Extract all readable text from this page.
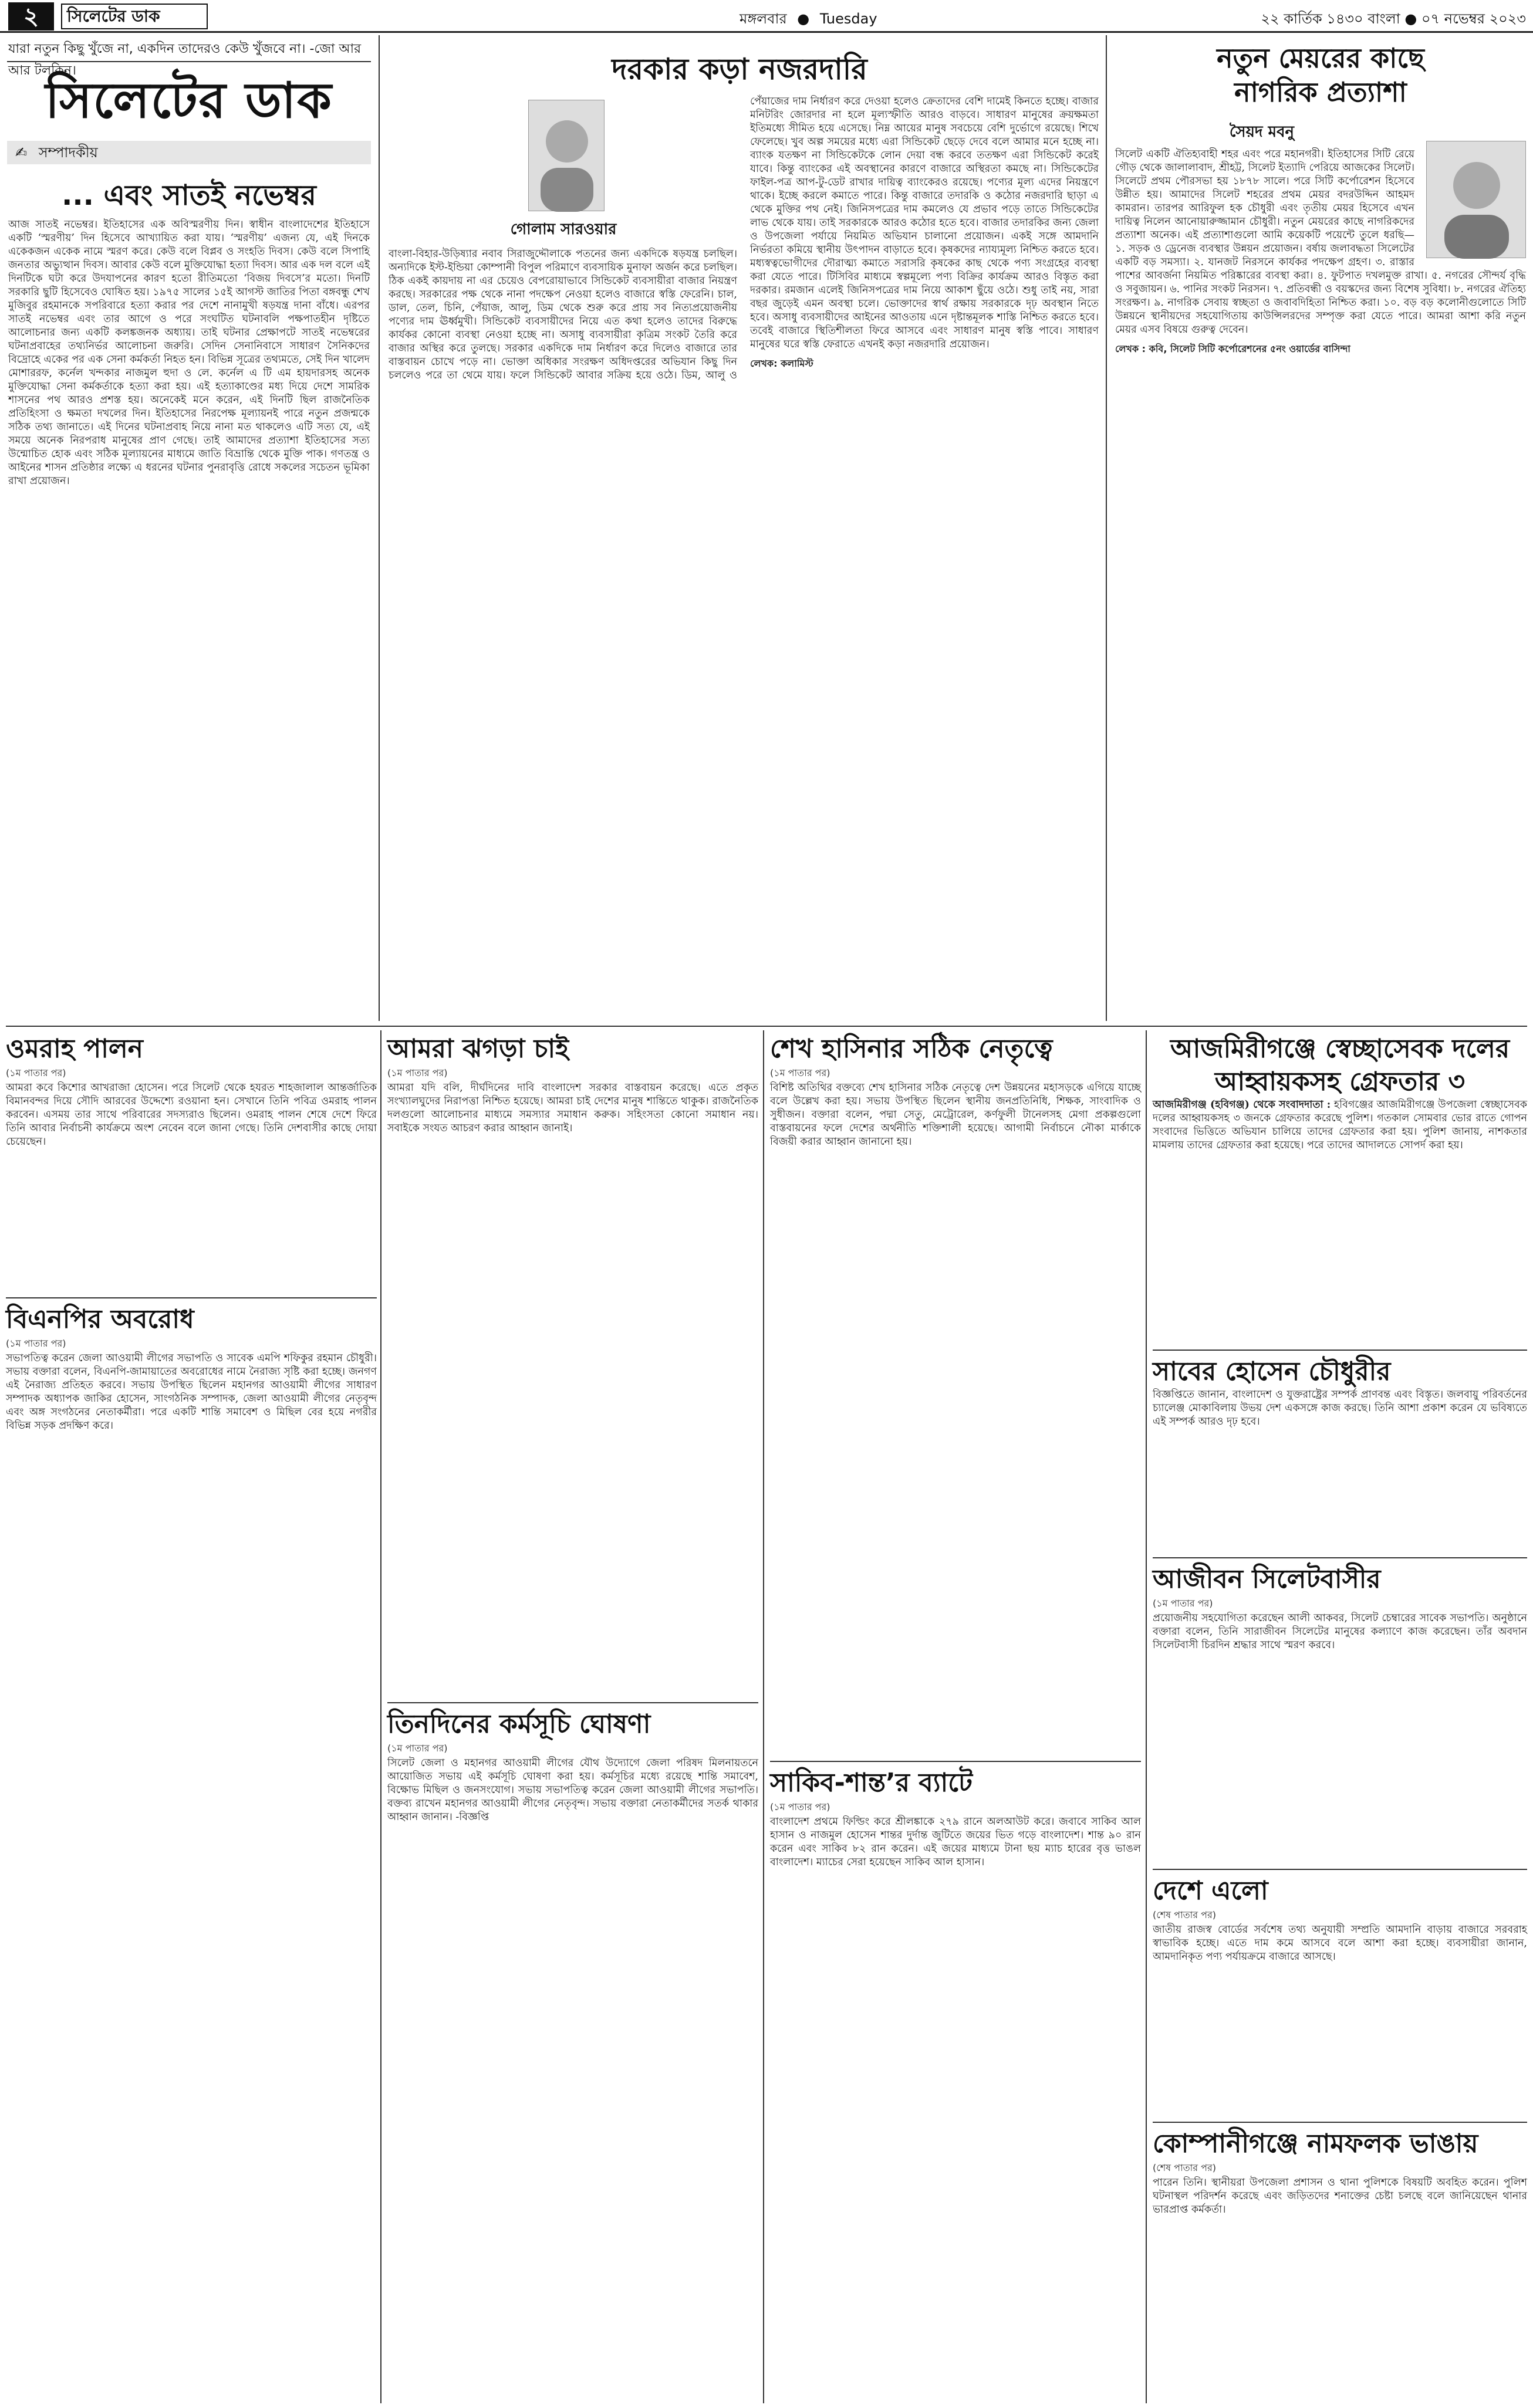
২	সিলেটের ডাক	মঙ্গলবার ● Tuesday	২২ কার্তিক ১৪৩০ বাংলা ● ০৭ নভেম্বর ২০২৩
যারা নতুন কিছু খুঁজে না, একদিন তাদেরও কেউ খুঁজবে না। -জো আর আর টলকিন।
সিলেটের ডাক
✍ সম্পাদকীয়
... এবং সাতই নভেম্বর
আজ সাতই নভেম্বর। ইতিহাসের এক অবিস্মরণীয় দিন। স্বাধীন বাংলাদেশের ইতিহাসে একটি ‘স্মরণীয়’ দিন হিসেবে আখ্যায়িত করা যায়। ‘স্মরণীয়’ এজন্য যে, এই দিনকে একেকজন একেক নামে স্মরণ করে। কেউ বলে বিপ্লব ও সংহতি দিবস। কেউ বলে সিপাহি জনতার অভ্যুত্থান দিবস। আবার কেউ বলে মুক্তিযোদ্ধা হত্যা দিবস। আর এক দল বলে এই দিনটিকে ঘটা করে উদযাপনের কারণ হতো রীতিমতো ‘বিজয় দিবসে’র মতো। দিনটি সরকারি ছুটি হিসেবেও ঘোষিত হয়। ১৯৭৫ সালের ১৫ই আগস্ট জাতির পিতা বঙ্গবন্ধু শেখ মুজিবুর রহমানকে সপরিবারে হত্যা করার পর দেশে নানামুখী ষড়যন্ত্র দানা বাঁধে। এরপর সাতই নভেম্বর এবং তার আগে ও পরে সংঘটিত ঘটনাবলি পক্ষপাতহীন দৃষ্টিতে আলোচনার জন্য একটি কলঙ্কজনক অধ্যায়। তাই ঘটনার প্রেক্ষাপটে সাতই নভেম্বরের ঘটনাপ্রবাহের তথ্যনির্ভর আলোচনা জরুরি। সেদিন সেনানিবাসে সাধারণ সৈনিকদের বিদ্রোহে একের পর এক সেনা কর্মকর্তা নিহত হন। বিভিন্ন সূত্রের তথ্যমতে, সেই দিন খালেদ মোশাররফ, কর্নেল খন্দকার নাজমুল হুদা ও লে. কর্নেল এ টি এম হায়দারসহ অনেক মুক্তিযোদ্ধা সেনা কর্মকর্তাকে হত্যা করা হয়। এই হত্যাকাণ্ডের মধ্য দিয়ে দেশে সামরিক শাসনের পথ আরও প্রশস্ত হয়। অনেকেই মনে করেন, এই দিনটি ছিল রাজনৈতিক প্রতিহিংসা ও ক্ষমতা দখলের দিন। ইতিহাসের নিরপেক্ষ মূল্যায়নই পারে নতুন প্রজন্মকে সঠিক তথ্য জানাতে। এই দিনের ঘটনাপ্রবাহ নিয়ে নানা মত থাকলেও এটি সত্য যে, এই সময়ে অনেক নিরপরাধ মানুষের প্রাণ গেছে। তাই আমাদের প্রত্যাশা ইতিহাসের সত্য উন্মোচিত হোক এবং সঠিক মূল্যায়নের মাধ্যমে জাতি বিভ্রান্তি থেকে মুক্তি পাক। গণতন্ত্র ও আইনের শাসন প্রতিষ্ঠার লক্ষ্যে এ ধরনের ঘটনার পুনরাবৃত্তি রোধে সকলের সচেতন ভূমিকা রাখা প্রয়োজন।
দরকার কড়া নজরদারি
গোলাম সারওয়ার
বাংলা-বিহার-উড়িষ্যার নবাব সিরাজুদ্দৌলাকে পতনের জন্য একদিকে ষড়যন্ত্র চলছিল। অন্যদিকে ইস্ট-ইন্ডিয়া কোম্পানী বিপুল পরিমাণে ব্যবসায়িক মুনাফা অর্জন করে চলছিল। ঠিক একই কায়দায় না এর চেয়েও বেপরোয়াভাবে সিন্ডিকেট ব্যবসায়ীরা বাজার নিয়ন্ত্রণ করছে। সরকারের পক্ষ থেকে নানা পদক্ষেপ নেওয়া হলেও বাজারে স্বস্তি ফেরেনি। চাল, ডাল, তেল, চিনি, পেঁয়াজ, আলু, ডিম থেকে শুরু করে প্রায় সব নিত্যপ্রয়োজনীয় পণ্যের দাম ঊর্ধ্বমুখী। সিন্ডিকেট ব্যবসায়ীদের নিয়ে এত কথা হলেও তাদের বিরুদ্ধে কার্যকর কোনো ব্যবস্থা নেওয়া হচ্ছে না। অসাধু ব্যবসায়ীরা কৃত্রিম সংকট তৈরি করে বাজার অস্থির করে তুলছে। সরকার একদিকে দাম নির্ধারণ করে দিলেও বাজারে তার বাস্তবায়ন চোখে পড়ে না। ভোক্তা অধিকার সংরক্ষণ অধিদপ্তরের অভিযান কিছু দিন চললেও পরে তা থেমে যায়। ফলে সিন্ডিকেট আবার সক্রিয় হয়ে ওঠে। ডিম, আলু ও পেঁয়াজের দাম নির্ধারণ করে দেওয়া হলেও ক্রেতাদের বেশি দামেই কিনতে হচ্ছে। বাজার মনিটরিং জোরদার না হলে মূল্যস্ফীতি আরও বাড়বে। সাধারণ মানুষের ক্রয়ক্ষমতা ইতিমধ্যে সীমিত হয়ে এসেছে। নিম্ন আয়ের মানুষ সবচেয়ে বেশি দুর্ভোগে রয়েছে। শিখে ফেলেছে। খুব অল্প সময়ের মধ্যে এরা সিন্ডিকেট ছেড়ে দেবে বলে আমার মনে হচ্ছে না। ব্যাংক যতক্ষণ না সিন্ডিকেটকে লোন দেয়া বন্ধ করবে ততক্ষণ এরা সিন্ডিকেট করেই যাবে। কিন্তু ব্যাংকের এই অবস্থানের কারণে বাজারে অস্থিরতা কমছে না। সিন্ডিকেটের ফাইল-পত্র আপ-টু-ডেট রাখার দায়িত্ব ব্যাংকেরও রয়েছে। পণ্যের মূল্য এদের নিয়ন্ত্রণে থাকে। ইচ্ছে করলে কমাতে পারে। কিন্তু বাজারে তদারকি ও কঠোর নজরদারি ছাড়া এ থেকে মুক্তির পথ নেই। জিনিসপত্রের দাম কমলেও যে প্রভাব পড়ে তাতে সিন্ডিকেটের লাভ থেকে যায়। তাই সরকারকে আরও কঠোর হতে হবে। বাজার তদারকির জন্য জেলা ও উপজেলা পর্যায়ে নিয়মিত অভিযান চালানো প্রয়োজন। একই সঙ্গে আমদানি নির্ভরতা কমিয়ে স্থানীয় উৎপাদন বাড়াতে হবে। কৃষকদের ন্যায্যমূল্য নিশ্চিত করতে হবে। মধ্যস্বত্বভোগীদের দৌরাত্ম্য কমাতে সরাসরি কৃষকের কাছ থেকে পণ্য সংগ্রহের ব্যবস্থা করা যেতে পারে। টিসিবির মাধ্যমে স্বল্পমূল্যে পণ্য বিক্রির কার্যক্রম আরও বিস্তৃত করা দরকার। রমজান এলেই জিনিসপত্রের দাম নিয়ে আকাশ ছুঁয়ে ওঠে। শুধু তাই নয়, সারা বছর জুড়েই এমন অবস্থা চলে। ভোক্তাদের স্বার্থ রক্ষায় সরকারকে দৃঢ় অবস্থান নিতে হবে। অসাধু ব্যবসায়ীদের আইনের আওতায় এনে দৃষ্টান্তমূলক শাস্তি নিশ্চিত করতে হবে। তবেই বাজারে স্থিতিশীলতা ফিরে আসবে এবং সাধারণ মানুষ স্বস্তি পাবে। সাধারণ মানুষের ঘরে স্বস্তি ফেরাতে এখনই কড়া নজরদারি প্রয়োজন।
লেখক: কলামিস্ট
নতুন মেয়রের কাছে
নাগরিক প্রত্যাশা
সৈয়দ মবনু
সিলেট একটি ঐতিহ্যবাহী শহর এবং পরে মহানগরী। ইতিহাসের সিটি রেয়ে গৌড় থেকে জালালাবাদ, শ্রীহট্ট, সিলেট ইত্যাদি পেরিয়ে আজকের সিলেট। সিলেটে প্রথম পৌরসভা হয় ১৮৭৮ সালে। পরে সিটি কর্পোরেশন হিসেবে উন্নীত হয়। আমাদের সিলেট শহরের প্রথম মেয়র বদরউদ্দিন আহমদ কামরান। তারপর আরিফুল হক চৌধুরী এবং তৃতীয় মেয়র হিসেবে এখন দায়িত্ব নিলেন আনোয়ারুজ্জামান চৌধুরী। নতুন মেয়রের কাছে নাগরিকদের প্রত্যাশা অনেক। এই প্রত্যাশাগুলো আমি কয়েকটি পয়েন্টে তুলে ধরছি— ১. সড়ক ও ড্রেনেজ ব্যবস্থার উন্নয়ন প্রয়োজন। বর্ষায় জলাবদ্ধতা সিলেটের একটি বড় সমস্যা। ২. যানজট নিরসনে কার্যকর পদক্ষেপ গ্রহণ। ৩. রাস্তার পাশের আবর্জনা নিয়মিত পরিষ্কারের ব্যবস্থা করা। ৪. ফুটপাত দখলমুক্ত রাখা। ৫. নগরের সৌন্দর্য বৃদ্ধি ও সবুজায়ন। ৬. পানির সংকট নিরসন। ৭. প্রতিবন্ধী ও বয়স্কদের জন্য বিশেষ সুবিধা। ৮. নগরের ঐতিহ্য সংরক্ষণ। ৯. নাগরিক সেবায় স্বচ্ছতা ও জবাবদিহিতা নিশ্চিত করা। ১০. বড় বড় কলোনীগুলোতে সিটি উন্নয়নে স্থানীয়দের সহযোগিতায় কাউন্সিলরদের সম্পৃক্ত করা যেতে পারে। আমরা আশা করি নতুন মেয়র এসব বিষয়ে গুরুত্ব দেবেন।
লেখক : কবি, সিলেট সিটি কর্পোরেশনের ৫নং ওয়ার্ডের বাসিন্দা
ওমরাহ পালন
(১ম পাতার পর)
আমরা কবে কিশোর আখরাজা হোসেন। পরে সিলেট থেকে হযরত শাহজালাল আন্তর্জাতিক বিমানবন্দর দিয়ে সৌদি আরবের উদ্দেশ্যে রওয়ানা হন। সেখানে তিনি পবিত্র ওমরাহ পালন করবেন। এসময় তার সাথে পরিবারের সদস্যরাও ছিলেন। ওমরাহ পালন শেষে দেশে ফিরে তিনি আবার নির্বাচনী কার্যক্রমে অংশ নেবেন বলে জানা গেছে। তিনি দেশবাসীর কাছে দোয়া চেয়েছেন।
বিএনপির অবরোধ
(১ম পাতার পর)
সভাপতিত্ব করেন জেলা আওয়ামী লীগের সভাপতি ও সাবেক এমপি শফিকুর রহমান চৌধুরী। সভায় বক্তারা বলেন, বিএনপি-জামায়াতের অবরোধের নামে নৈরাজ্য সৃষ্টি করা হচ্ছে। জনগণ এই নৈরাজ্য প্রতিহত করবে। সভায় উপস্থিত ছিলেন মহানগর আওয়ামী লীগের সাধারণ সম্পাদক অধ্যাপক জাকির হোসেন, সাংগঠনিক সম্পাদক, জেলা আওয়ামী লীগের নেতৃবৃন্দ এবং অঙ্গ সংগঠনের নেতাকর্মীরা। পরে একটি শান্তি সমাবেশ ও মিছিল বের হয়ে নগরীর বিভিন্ন সড়ক প্রদক্ষিণ করে।
আমরা ঝগড়া চাই
(১ম পাতার পর)
আমরা যদি বলি, দীর্ঘদিনের দাবি বাংলাদেশ সরকার বাস্তবায়ন করেছে। এতে প্রকৃত সংখ্যালঘুদের নিরাপত্তা নিশ্চিত হয়েছে। আমরা চাই দেশের মানুষ শান্তিতে থাকুক। রাজনৈতিক দলগুলো আলোচনার মাধ্যমে সমস্যার সমাধান করুক। সহিংসতা কোনো সমাধান নয়। সবাইকে সংযত আচরণ করার আহ্বান জানাই।
তিনদিনের কর্মসূচি ঘোষণা
(১ম পাতার পর)
সিলেট জেলা ও মহানগর আওয়ামী লীগের যৌথ উদ্যোগে জেলা পরিষদ মিলনায়তনে আয়োজিত সভায় এই কর্মসূচি ঘোষণা করা হয়। কর্মসূচির মধ্যে রয়েছে শান্তি সমাবেশ, বিক্ষোভ মিছিল ও জনসংযোগ। সভায় সভাপতিত্ব করেন জেলা আওয়ামী লীগের সভাপতি। বক্তব্য রাখেন মহানগর আওয়ামী লীগের নেতৃবৃন্দ। সভায় বক্তারা নেতাকর্মীদের সতর্ক থাকার আহ্বান জানান। -বিজ্ঞপ্তি
শেখ হাসিনার সঠিক নেতৃত্বে
(১ম পাতার পর)
বিশিষ্ট অতিথির বক্তব্যে শেখ হাসিনার সঠিক নেতৃত্বে দেশ উন্নয়নের মহাসড়কে এগিয়ে যাচ্ছে বলে উল্লেখ করা হয়। সভায় উপস্থিত ছিলেন স্থানীয় জনপ্রতিনিধি, শিক্ষক, সাংবাদিক ও সুধীজন। বক্তারা বলেন, পদ্মা সেতু, মেট্রোরেল, কর্ণফুলী টানেলসহ মেগা প্রকল্পগুলো বাস্তবায়নের ফলে দেশের অর্থনীতি শক্তিশালী হয়েছে। আগামী নির্বাচনে নৌকা মার্কাকে বিজয়ী করার আহ্বান জানানো হয়।
সাকিব-শান্ত’র ব্যাটে
(১ম পাতার পর)
বাংলাদেশ প্রথমে ফিল্ডিং করে শ্রীলঙ্কাকে ২৭৯ রানে অলআউট করে। জবাবে সাকিব আল হাসান ও নাজমুল হোসেন শান্তর দুর্দান্ত জুটিতে জয়ের ভিত গড়ে বাংলাদেশ। শান্ত ৯০ রান করেন এবং সাকিব ৮২ রান করেন। এই জয়ের মাধ্যমে টানা ছয় ম্যাচ হারের বৃত্ত ভাঙল বাংলাদেশ। ম্যাচের সেরা হয়েছেন সাকিব আল হাসান।
আজমিরীগঞ্জে স্বেচ্ছাসেবক দলের
আহ্বায়কসহ গ্রেফতার ৩
আজমিরীগঞ্জ (হবিগঞ্জ) থেকে সংবাদদাতা : হবিগঞ্জের আজমিরীগঞ্জে উপজেলা স্বেচ্ছাসেবক দলের আহ্বায়কসহ ৩ জনকে গ্রেফতার করেছে পুলিশ। গতকাল সোমবার ভোর রাতে গোপন সংবাদের ভিত্তিতে অভিযান চালিয়ে তাদের গ্রেফতার করা হয়। পুলিশ জানায়, নাশকতার মামলায় তাদের গ্রেফতার করা হয়েছে। পরে তাদের আদালতে সোপর্দ করা হয়।
সাবের হোসেন চৌধুরীর
বিজ্ঞপ্তিতে জানান, বাংলাদেশ ও যুক্তরাষ্ট্রের সম্পর্ক প্রাণবন্ত এবং বিস্তৃত। জলবায়ু পরিবর্তনের চ্যালেঞ্জ মোকাবিলায় উভয় দেশ একসঙ্গে কাজ করছে। তিনি আশা প্রকাশ করেন যে ভবিষ্যতে এই সম্পর্ক আরও দৃঢ় হবে।
আজীবন সিলেটবাসীর
(১ম পাতার পর)
প্রয়োজনীয় সহযোগিতা করেছেন আলী আকবর, সিলেট চেম্বারের সাবেক সভাপতি। অনুষ্ঠানে বক্তারা বলেন, তিনি সারাজীবন সিলেটের মানুষের কল্যাণে কাজ করেছেন। তাঁর অবদান সিলেটবাসী চিরদিন শ্রদ্ধার সাথে স্মরণ করবে।
দেশে এলো
(শেষ পাতার পর)
জাতীয় রাজস্ব বোর্ডের সর্বশেষ তথ্য অনুযায়ী সম্প্রতি আমদানি বাড়ায় বাজারে সরবরাহ স্বাভাবিক হচ্ছে। এতে দাম কমে আসবে বলে আশা করা হচ্ছে। ব্যবসায়ীরা জানান, আমদানিকৃত পণ্য পর্যায়ক্রমে বাজারে আসছে।
কোম্পানীগঞ্জে নামফলক ভাঙায়
(শেষ পাতার পর)
পারেন তিনি। স্থানীয়রা উপজেলা প্রশাসন ও থানা পুলিশকে বিষয়টি অবহিত করেন। পুলিশ ঘটনাস্থল পরিদর্শন করেছে এবং জড়িতদের শনাক্তের চেষ্টা চলছে বলে জানিয়েছেন থানার ভারপ্রাপ্ত কর্মকর্তা।
